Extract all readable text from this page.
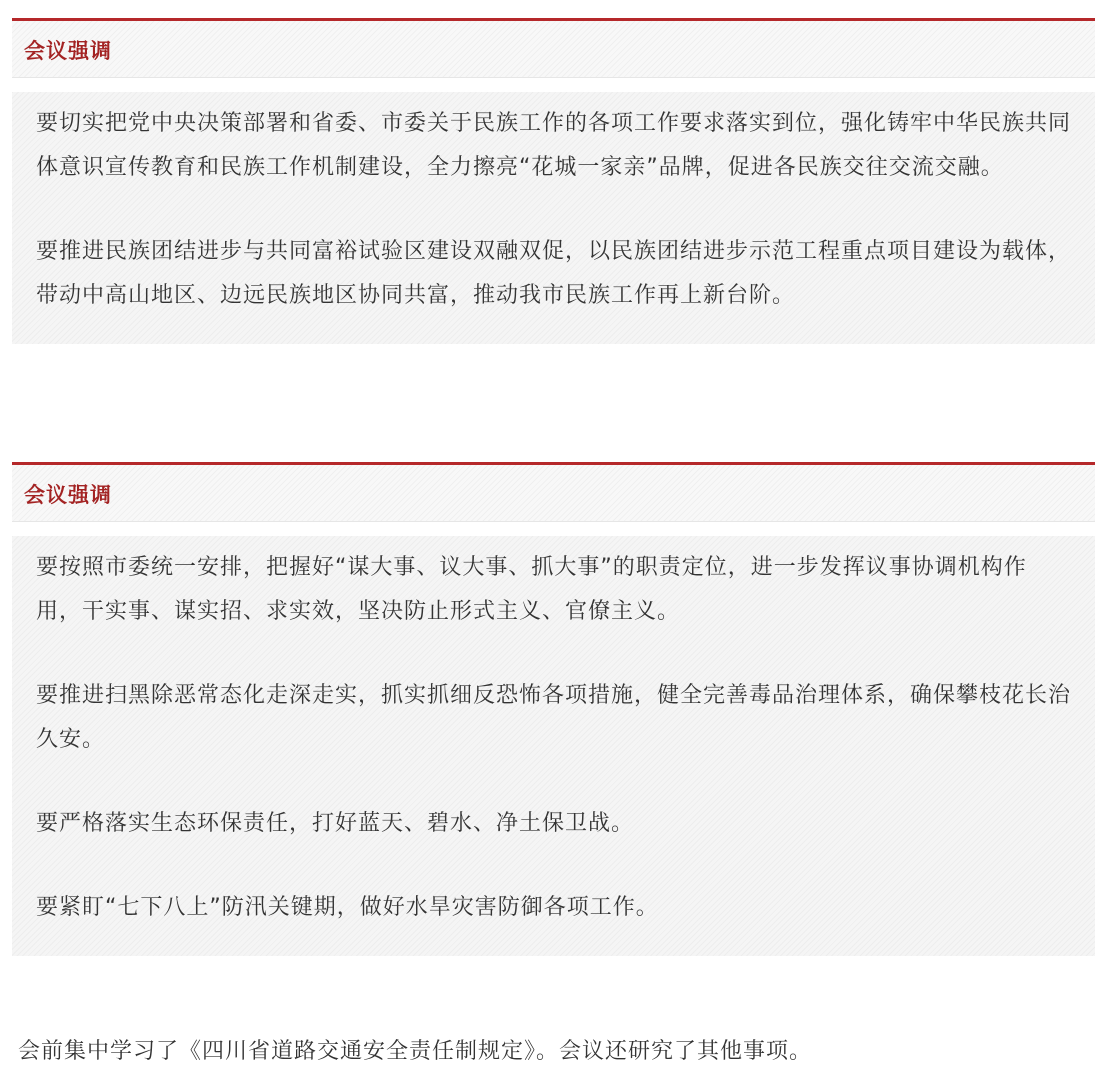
会议强调

要切实把党中央决策部署和省委、市委关于民族工作的各项工作要求落实到位，强化铸牢中华民族共同体意识宣传教育和民族工作机制建设，全力擦亮“花城一家亲”品牌，促进各民族交往交流交融。

要推进民族团结进步与共同富裕试验区建设双融双促，以民族团结进步示范工程重点项目建设为载体，带动中高山地区、边远民族地区协同共富，推动我市民族工作再上新台阶。

会议强调

要按照市委统一安排，把握好“谋大事、议大事、抓大事”的职责定位，进一步发挥议事协调机构作用，干实事、谋实招、求实效，坚决防止形式主义、官僚主义。

要推进扫黑除恶常态化走深走实，抓实抓细反恐怖各项措施，健全完善毒品治理体系，确保攀枝花长治久安。

要严格落实生态环保责任，打好蓝天、碧水、净土保卫战。

要紧盯“七下八上”防汛关键期，做好水旱灾害防御各项工作。

会前集中学习了《四川省道路交通安全责任制规定》。会议还研究了其他事项。
